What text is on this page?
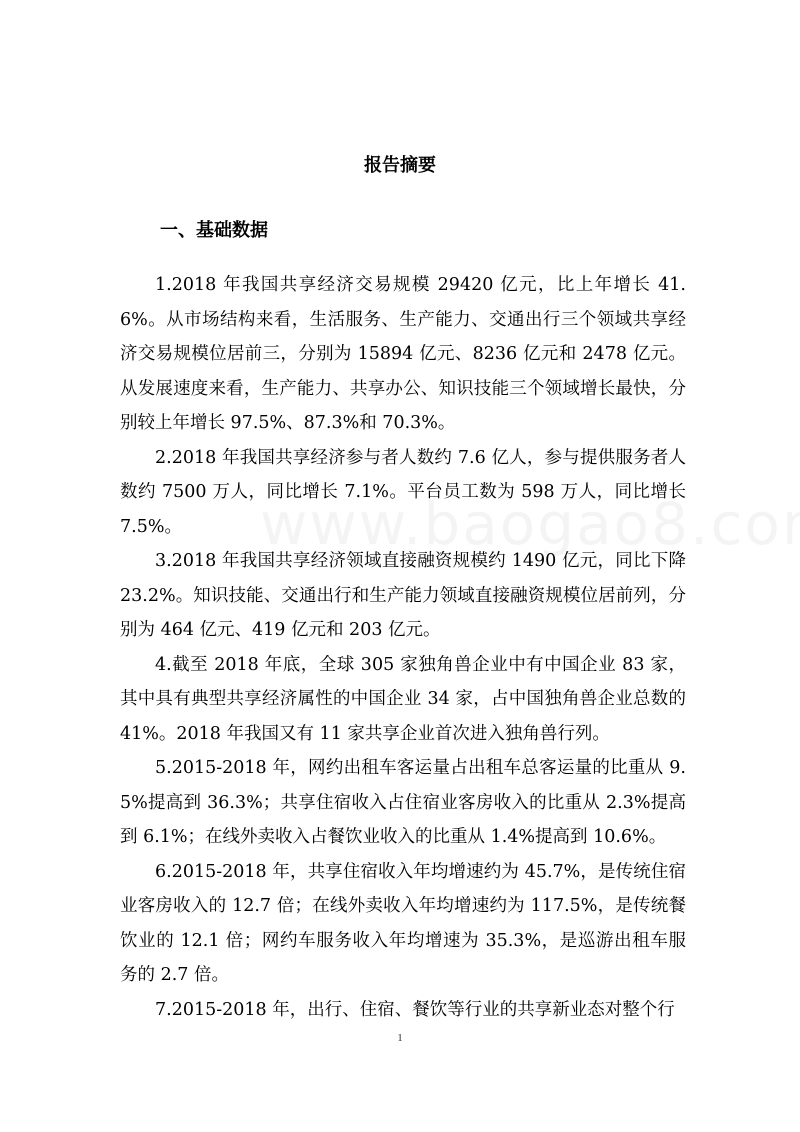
报告摘要
一、基础数据

1.2018 年我国共享经济交易规模 29420 亿元，比上年增长 41.6%。从市场结构来看，生活服务、生产能力、交通出行三个领域共享经济交易规模位居前三，分别为 15894 亿元、8236 亿元和 2478 亿元。从发展速度来看，生产能力、共享办公、知识技能三个领域增长最快，分别较上年增长 97.5%、87.3%和 70.3%。

2.2018 年我国共享经济参与者人数约 7.6 亿人，参与提供服务者人数约 7500 万人，同比增长 7.1%。平台员工数为 598 万人，同比增长 7.5%。

3.2018 年我国共享经济领域直接融资规模约 1490 亿元，同比下降 23.2%。知识技能、交通出行和生产能力领域直接融资规模位居前列，分别为 464 亿元、419 亿元和 203 亿元。

4.截至 2018 年底，全球 305 家独角兽企业中有中国企业 83 家，其中具有典型共享经济属性的中国企业 34 家，占中国独角兽企业总数的 41%。2018 年我国又有 11 家共享企业首次进入独角兽行列。

5.2015-2018 年，网约出租车客运量占出租车总客运量的比重从 9.5%提高到 36.3%；共享住宿收入占住宿业客房收入的比重从 2.3%提高到 6.1%；在线外卖收入占餐饮业收入的比重从 1.4%提高到 10.6%。

6.2015-2018 年，共享住宿收入年均增速约为 45.7%，是传统住宿业客房收入的 12.7 倍；在线外卖收入年均增速约为 117.5%，是传统餐饮业的 12.1 倍；网约车服务收入年均增速为 35.3%，是巡游出租车服务的 2.7 倍。

7.2015-2018 年，出行、住宿、餐饮等行业的共享新业态对整个行

1
